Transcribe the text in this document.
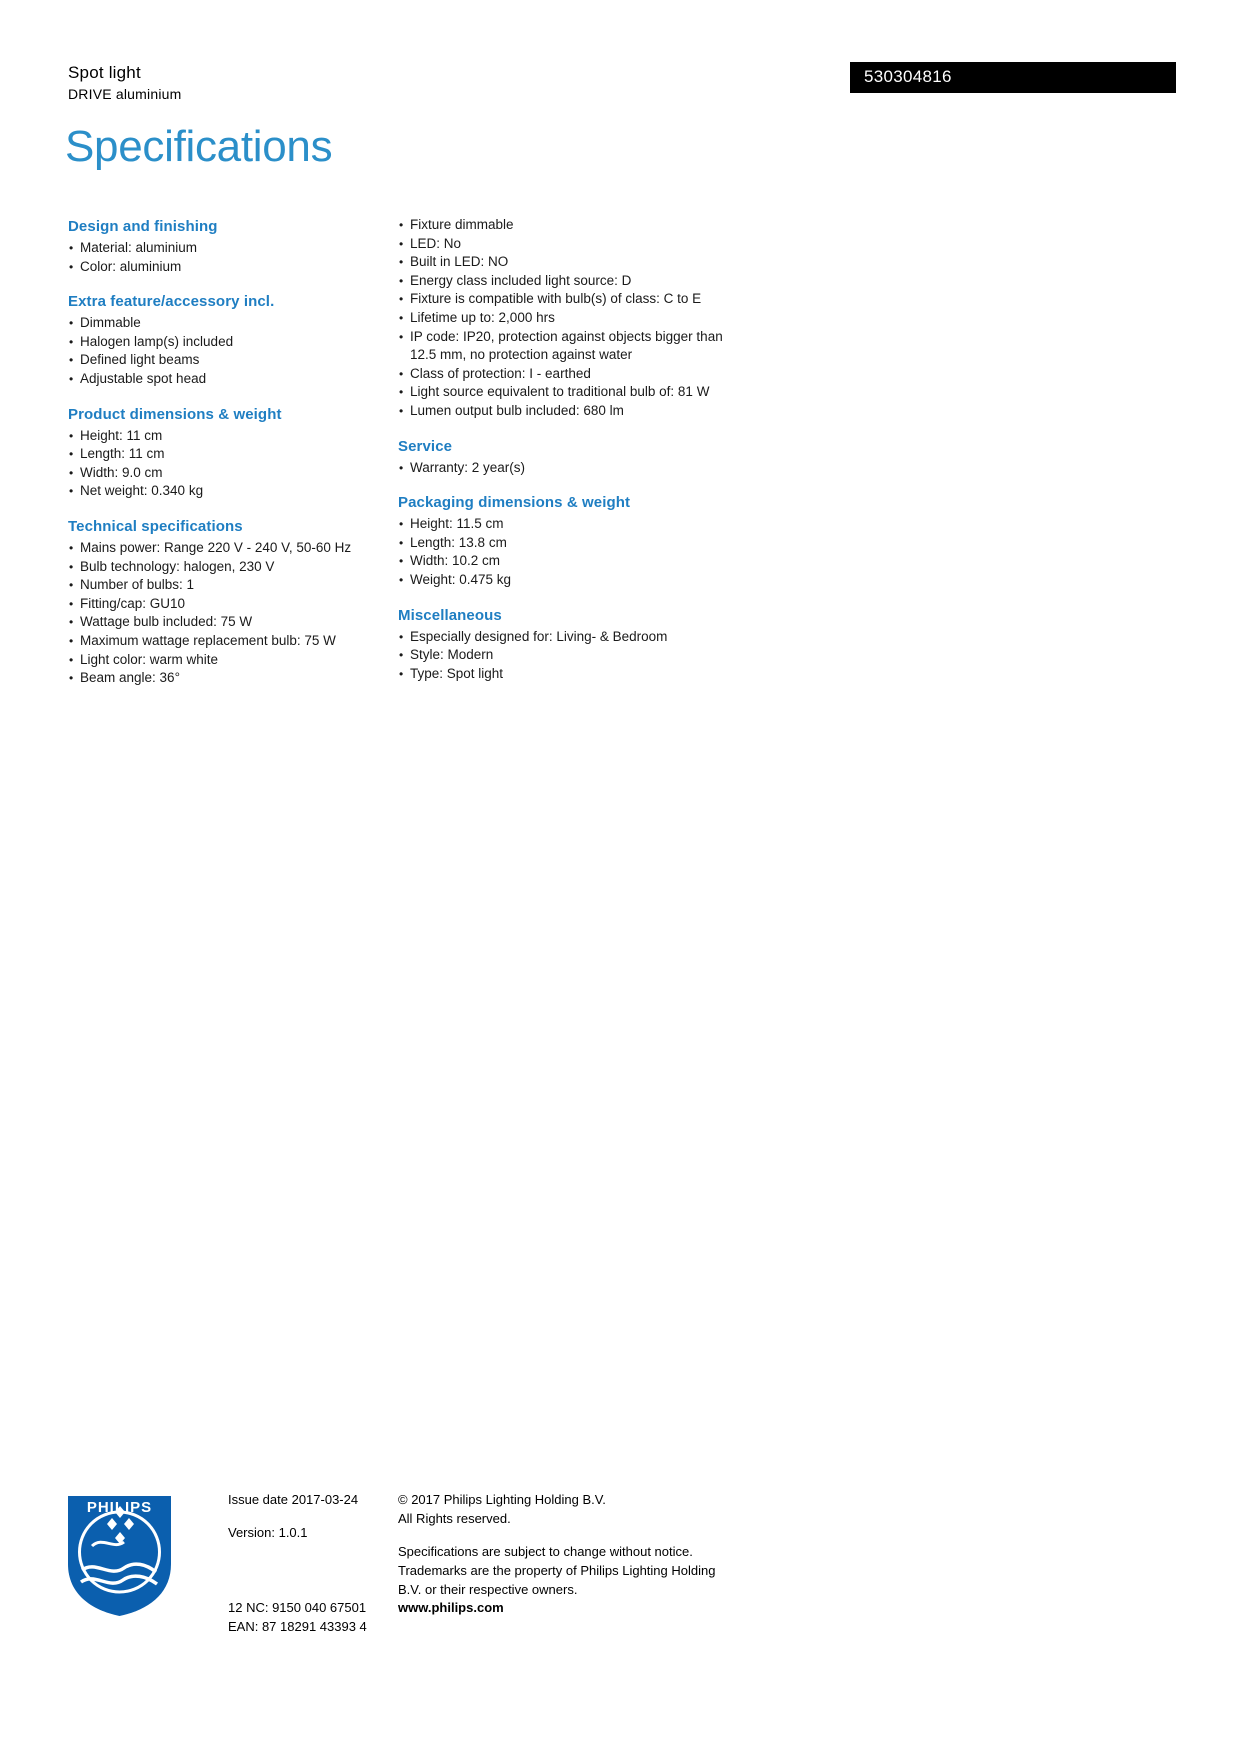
Spot light
DRIVE aluminium
530304816
Specifications
Design and finishing
• Material: aluminium
• Color: aluminium
Extra feature/accessory incl.
• Dimmable
• Halogen lamp(s) included
• Defined light beams
• Adjustable spot head
Product dimensions & weight
• Height: 11 cm
• Length: 11 cm
• Width: 9.0 cm
• Net weight: 0.340 kg
Technical specifications
• Mains power: Range 220 V - 240 V, 50-60 Hz
• Bulb technology: halogen, 230 V
• Number of bulbs: 1
• Fitting/cap: GU10
• Wattage bulb included: 75 W
• Maximum wattage replacement bulb: 75 W
• Light color: warm white
• Beam angle: 36°
• Fixture dimmable
• LED: No
• Built in LED: NO
• Energy class included light source: D
• Fixture is compatible with bulb(s) of class: C to E
• Lifetime up to: 2,000 hrs
• IP code: IP20, protection against objects bigger than 12.5 mm, no protection against water
• Class of protection: I - earthed
• Light source equivalent to traditional bulb of: 81 W
• Lumen output bulb included: 680 lm
Service
• Warranty: 2 year(s)
Packaging dimensions & weight
• Height: 11.5 cm
• Length: 13.8 cm
• Width: 10.2 cm
• Weight: 0.475 kg
Miscellaneous
• Especially designed for: Living- & Bedroom
• Style: Modern
• Type: Spot light
PHILIPS	Issue date 2017-03-24
Version: 1.0.1
© 2017 Philips Lighting Holding B.V.
All Rights reserved.
Specifications are subject to change without notice.
Trademarks are the property of Philips Lighting Holding
B.V. or their respective owners.
12 NC: 9150 040 67501
EAN: 87 18291 43393 4
www.philips.com
